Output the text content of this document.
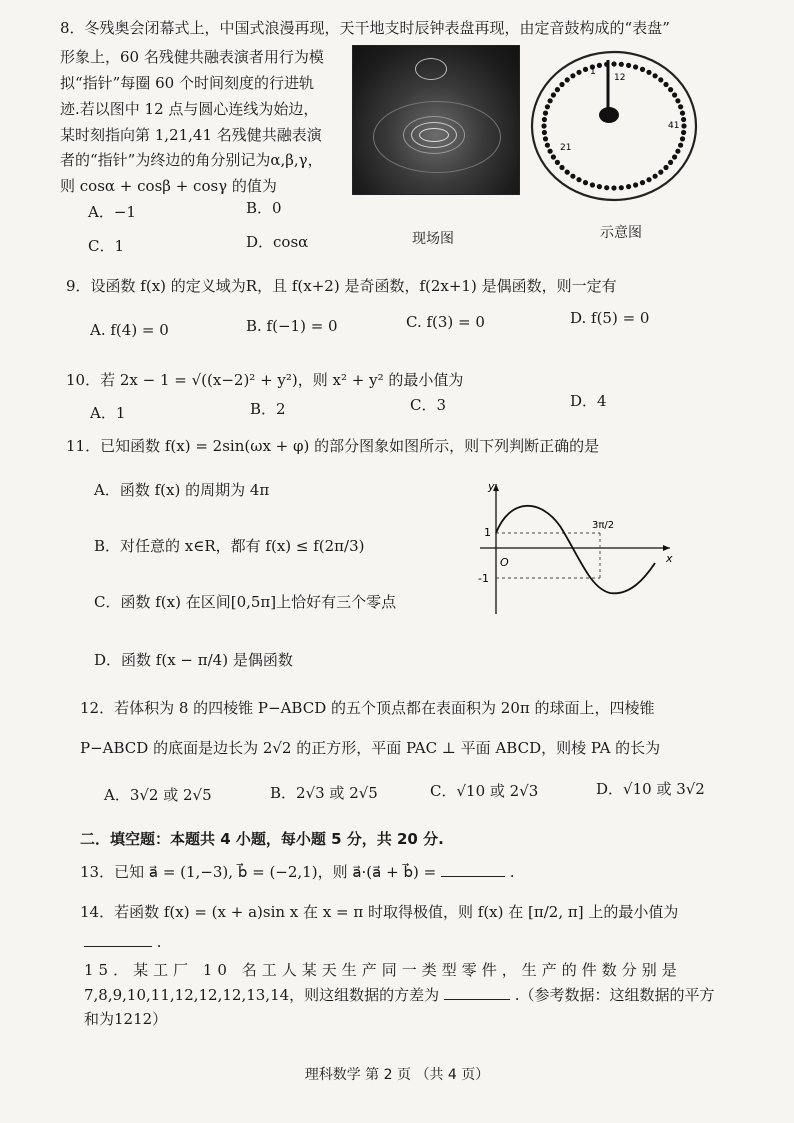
8．冬残奥会闭幕式上，中国式浪漫再现，天干地支时辰钟表盘再现，由定音鼓构成的“表盘”
形象上，60 名残健共融表演者用行为模
拟“指针”每圈 60 个时间刻度的行进轨
迹.若以图中 12 点与圆心连线为始边，
某时刻指向第 1,21,41 名残健共融表演
者的“指针”为终边的角分别记为α,β,γ，
则 cosα + cosβ + cosγ 的值为
现场图
1
12
41
21
示意图
A．−1	B．0
C．1	D．cosα
9．设函数 f(x) 的定义域为R，且 f(x+2) 是奇函数，f(2x+1) 是偶函数，则一定有
A. f(4) = 0	B. f(−1) = 0	C. f(3) = 0	D. f(5) = 0
10．若 2x − 1 = √((x−2)² + y²)，则 x² + y² 的最小值为
A．1	B．2	C．3	D．4
11．已知函数 f(x) = 2sin(ωx + φ) 的部分图象如图所示，则下列判断正确的是
A．函数 f(x) 的周期为 4π
B．对任意的 x∈R，都有 f(x) ≤ f(2π/3)
C．函数 f(x) 在区间[0,5π]上恰好有三个零点
D．函数 f(x − π/4) 是偶函数
y
x
O
1
-1
3π/2
12．若体积为 8 的四棱锥 P−ABCD 的五个顶点都在表面积为 20π 的球面上，四棱锥
P−ABCD 的底面是边长为 2√2 的正方形，平面 PAC ⊥ 平面 ABCD，则棱 PA 的长为
A．3√2 或 2√5	B．2√3 或 2√5	C．√10 或 2√3	D．√10 或 3√2
二．填空题：本题共 4 小题，每小题 5 分，共 20 分.
13．已知 a⃗ = (1,−3), b⃗ = (−2,1)，则 a⃗·(a⃗ + b⃗) =	.
14．若函数 f(x) = (x + a)sin x 在 x = π 时取得极值，则 f(x) 在 [π/2, π] 上的最小值为
.
15．某工厂 10 名工人某天生产同一类型零件，生产的件数分别是
7,8,9,10,11,12,12,12,13,14，则这组数据的方差为	.（参考数据：这组数据的平方
和为1212）
理科数学 第 2 页 （共 4 页）
